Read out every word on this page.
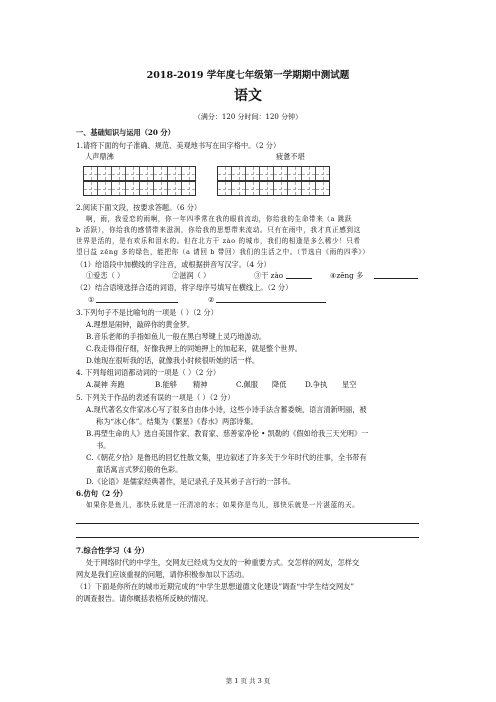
2018-2019 学年度七年级第一学期期中测试题
语文
（满分：120 分时间：120 分钟）
一、基础知识与运用（20 分）
1.请将下面的句子准确、规范、美观地书写在田字格中。（2 分）
人声鼎沸	疲惫不堪
2.阅读下面文段，按要求答题。（6 分）
啊，雨，我爱恋的雨啊，你一年四季常在我的眼前流动，你给我的生命带来（a 跳跃
b 活跃），你给我的感情带来滋润，你给我的思想带来流动。只有在雨中，我才真正感到这
世界是活的，是有欢乐和泪水的。但在北方干 zào 的城市，我们的相逢是多么稀少！只希
望日益 zēng 多的绿色，能把你（a 请回 b 带回）我们的生活之中。（节选自《雨的四季》）
（1）给语段中加横线的字注音，或根据拼音写汉字。（4 分）
①爱恋（ ）	②滋润（ ）	③干 zào	④zēng 多
（2）结合语境选择合适的词语，将字母序号填写在横线上。（2 分）
①	②
3.下列句子不是比喻句的一项是（ ）（2 分）
A.理想是闹钟，敲碎你的黄金梦。
B.音乐老师的手指如鱼儿一般在黑白琴键上灵巧地游动。
C.我走得很仔细，好像我押上的同她押上的加起来，就是整个世界。
D.她现在很听我的话，就像我小时候很听她的话一样。
4. 下列每组词语都动词的一项是（ ）（2 分）
A.凝神 奔跑	B.能够 精神	C.佩服 降低	D.争执 星空
5. 下列关于作品的表述有误的一项是（ ）（2 分）
A.现代著名女作家冰心写了很多自由体小诗，这些小诗手法含蓄委婉，语言清新明丽，被
称为“冰心体”。结集为《繁星》《春水》两部诗集。
B.再塑生命的人》选自美国作家、教育家、慈善家净伦 • 凯勒的《假如给我三天光明》一
书。
C.《朝花夕拾》是鲁迅的回忆性散文集，里边叙述了许多关于少年时代的往事，全书带有
童话寓言式梦幻般的色彩。
D.《论语》是儒家经典著作，是记录孔子及其弟子言行的一部书。
6.仿句（2 分）
如果你是鱼儿，那快乐就是一汪清凉的水；如果你是鸟儿，那快乐就是一片湛蓝的天。
7.综合性学习（4 分）
处于网络时代的中学生，交网友已经成为交友的一种重要方式。交怎样的网友，怎样交
网友是我们应该重视的问题，请你积极参加以下活动。
（1）下面是你所在的城市近期完成的“中学生思想道德文化建设”调查“中学生结交网友”
的调查报告。请你概括表格所反映的情况。
第 1 页 共 3 页
